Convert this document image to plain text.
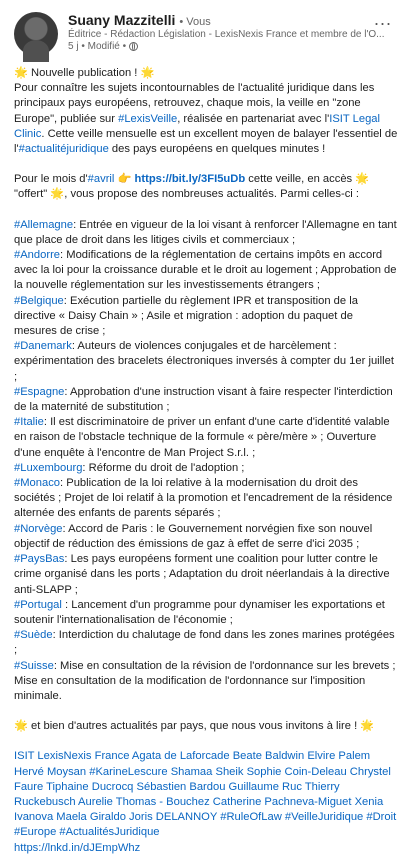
Suany Mazzitelli • Vous
Éditrice - Rédaction Législation - LexisNexis France et membre de l'O...
5 j • Modifié •
...

🌟 Nouvelle publication ! 🌟

Pour connaître les sujets incontournables de l'actualité juridique dans les principaux pays européens, retrouvez, chaque mois, la veille en "zone Europe", publiée sur #LexisVeille, réalisée en partenariat avec l'ISIT Legal Clinic. Cette veille mensuelle est un excellent moyen de balayer l'essentiel de l'#actualitéjuridique des pays européens en quelques minutes !

Pour le mois d'#avril 👉 https://bit.ly/3FI5uDb cette veille, en accès 🌟 "offert" 🌟, vous propose des nombreuses actualités. Parmi celles-ci :

#Allemagne: Entrée en vigueur de la loi visant à renforcer l'Allemagne en tant que place de droit dans les litiges civils et commerciaux ;

#Andorre: Modifications de la réglementation de certains impôts en accord avec la loi pour la croissance durable et le droit au logement ; Approbation de la nouvelle réglementation sur les investissements étrangers ;

#Belgique: Exécution partielle du règlement IPR et transposition de la directive « Daisy Chain » ; Asile et migration : adoption du paquet de mesures de crise ;

#Danemark: Auteurs de violences conjugales et de harcèlement : expérimentation des bracelets électroniques inversés à compter du 1er juillet ;

#Espagne: Approbation d'une instruction visant à faire respecter l'interdiction de la maternité de substitution ;

#Italie: Il est discriminatoire de priver un enfant d'une carte d'identité valable en raison de l'obstacle technique de la formule « père/mère » ; Ouverture d'une enquête à l'encontre de Man Project S.r.l. ;

#Luxembourg: Réforme du droit de l'adoption ;

#Monaco: Publication de la loi relative à la modernisation du droit des sociétés ; Projet de loi relatif à la promotion et l'encadrement de la résidence alternée des enfants de parents séparés ;

#Norvège: Accord de Paris : le Gouvernement norvégien fixe son nouvel objectif de réduction des émissions de gaz à effet de serre d'ici 2035 ;

#PaysBas: Les pays européens forment une coalition pour lutter contre le crime organisé dans les ports ; Adaptation du droit néerlandais à la directive anti-SLAPP ;

#Portugal : Lancement d'un programme pour dynamiser les exportations et soutenir l'internationalisation de l'économie ;

#Suède: Interdiction du chalutage de fond dans les zones marines protégées ;

#Suisse: Mise en consultation de la révision de l'ordonnance sur les brevets ; Mise en consultation de la modification de l'ordonnance sur l'imposition minimale.

🌟 et bien d'autres actualités par pays, que nous vous invitons à lire ! 🌟

ISIT LexisNexis France Agata de Laforcade Beate Baldwin Elvire Palem Hervé Moysan #KarineLescure Shamaa Sheik Sophie Coin-Deleau Chrystel Faure Tiphaine Ducrocq Sébastien Bardou Guillaume Ruc Thierry Ruckebusch Aurelie Thomas - Bouchez Catherine Pachneva-Miguet Xenia Ivanova Maela Giraldo Joris DELANNOY #RuleOfLaw #VeilleJuridique #Droit #Europe #ActualitésJuridique

https://lnkd.in/dJEmpWhz
